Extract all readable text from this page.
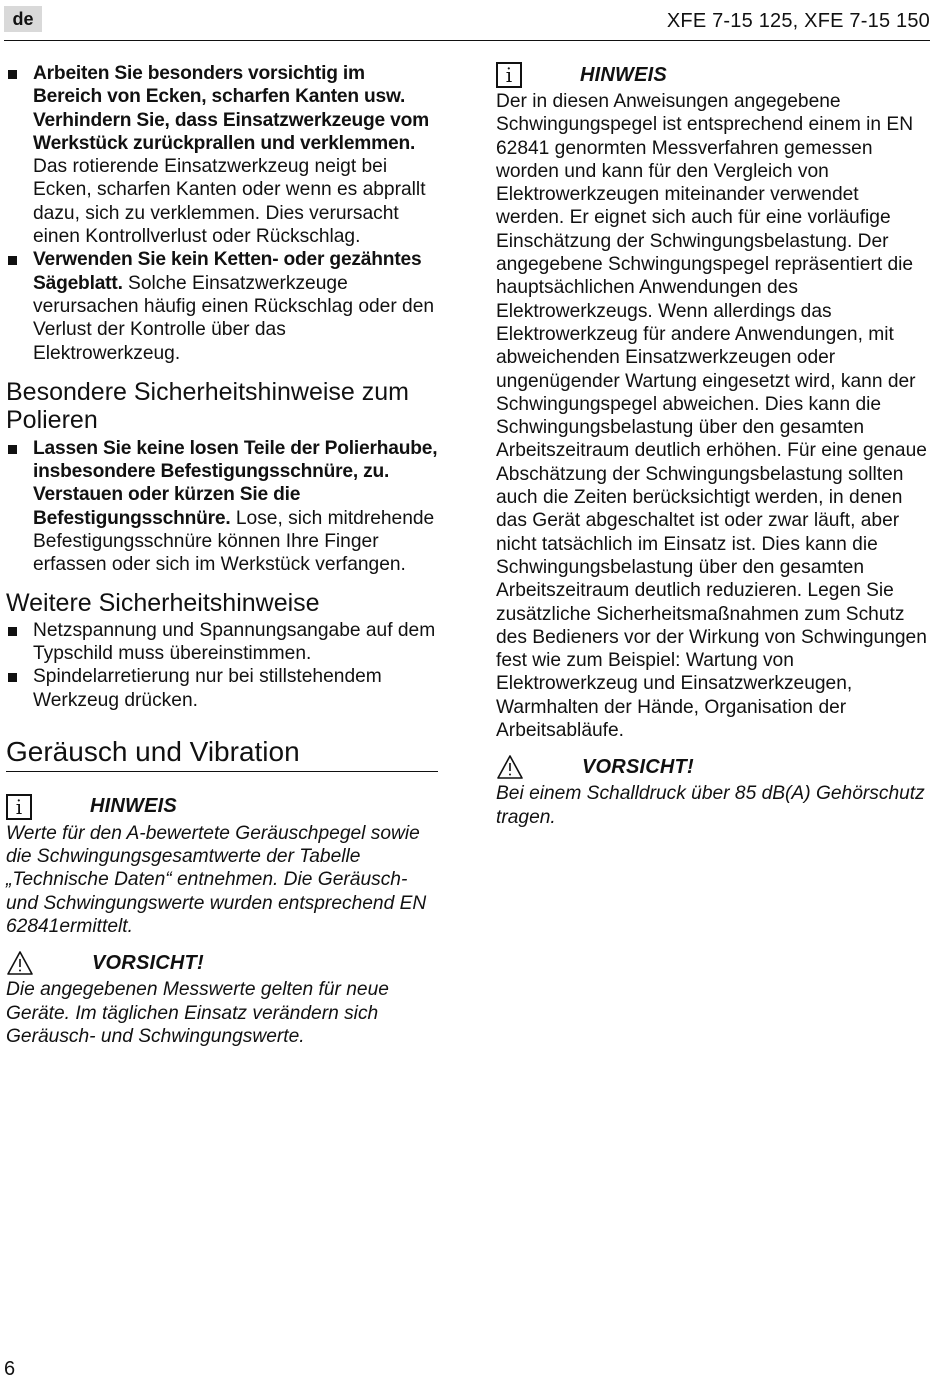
de	XFE 7-15 125, XFE 7-15 150
Arbeiten Sie besonders vorsichtig im Bereich von Ecken, scharfen Kanten usw. Verhindern Sie, dass Einsatzwerkzeuge vom Werkstück zurückprallen und verklemmen. Das rotierende Einsatzwerkzeug neigt bei Ecken, scharfen Kanten oder wenn es abprallt dazu, sich zu verklemmen. Dies verursacht einen Kontrollverlust oder Rückschlag.
Verwenden Sie kein Ketten- oder gezähntes Sägeblatt. Solche Einsatzwerkzeuge verursachen häufig einen Rückschlag oder den Verlust der Kontrolle über das Elektrowerkzeug.
Besondere Sicherheitshinweise zum Polieren
Lassen Sie keine losen Teile der Polierhaube, insbesondere Befestigungsschnüre, zu. Verstauen oder kürzen Sie die Befestigungsschnüre. Lose, sich mitdrehende Befestigungsschnüre können Ihre Finger erfassen oder sich im Werkstück verfangen.
Weitere Sicherheitshinweise
Netzspannung und Spannungsangabe auf dem Typschild muss übereinstimmen.
Spindelarretierung nur bei stillstehendem Werkzeug drücken.
Geräusch und Vibration
i	HINWEIS

Werte für den A-bewertete Geräuschpegel sowie die Schwingungsgesamtwerte der Tabelle „Technische Daten“ entnehmen. Die Geräusch- und Schwingungswerte wurden entsprechend EN 62841ermittelt.

VORSICHT!

Die angegebenen Messwerte gelten für neue Geräte. Im täglichen Einsatz verändern sich Geräusch- und Schwingungswerte.

i	HINWEIS

Der in diesen Anweisungen angegebene Schwingungspegel ist entsprechend einem in EN 62841 genormten Messverfahren gemessen worden und kann für den Vergleich von Elektrowerkzeugen miteinander verwendet werden. Er eignet sich auch für eine vorläufige Einschätzung der Schwingungsbelastung. Der angegebene Schwingungspegel repräsentiert die hauptsächlichen Anwendungen des Elektrowerkzeugs. Wenn allerdings das Elektrowerkzeug für andere Anwendungen, mit abweichenden Einsatzwerkzeugen oder ungenügender Wartung eingesetzt wird, kann der Schwingungspegel abweichen. Dies kann die Schwingungsbelastung über den gesamten Arbeitszeitraum deutlich erhöhen. Für eine genaue Abschätzung der Schwingungsbelastung sollten auch die Zeiten berücksichtigt werden, in denen das Gerät abgeschaltet ist oder zwar läuft, aber nicht tatsächlich im Einsatz ist. Dies kann die Schwingungsbelastung über den gesamten Arbeitszeitraum deutlich reduzieren. Legen Sie zusätzliche Sicherheitsmaßnahmen zum Schutz des Bedieners vor der Wirkung von Schwingungen fest wie zum Beispiel: Wartung von Elektrowerkzeug und Einsatzwerkzeugen, Warmhalten der Hände, Organisation der Arbeitsabläufe.

VORSICHT!

Bei einem Schalldruck über 85 dB(A) Gehörschutz tragen.

6
